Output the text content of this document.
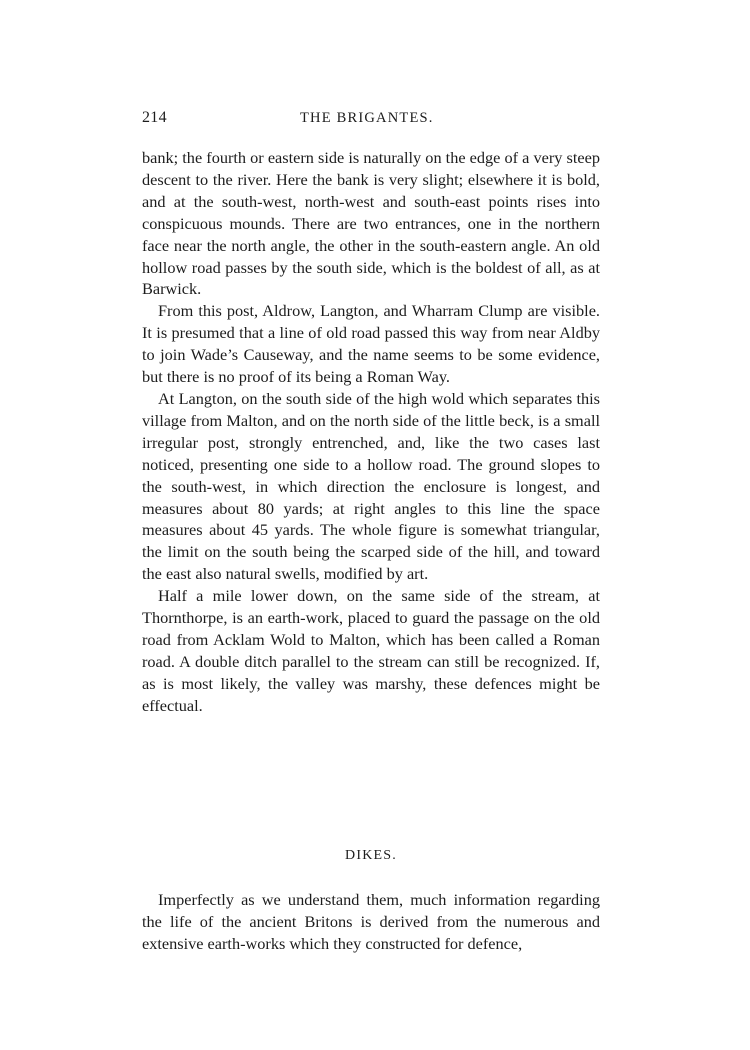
214	THE BRIGANTES.

bank; the fourth or eastern side is naturally on the edge of a very steep descent to the river. Here the bank is very slight; elsewhere it is bold, and at the south-west, north-west and south-east points rises into conspicuous mounds. There are two entrances, one in the northern face near the north angle, the other in the south-eastern angle. An old hollow road passes by the south side, which is the boldest of all, as at Barwick.

From this post, Aldrow, Langton, and Wharram Clump are visible. It is presumed that a line of old road passed this way from near Aldby to join Wade’s Causeway, and the name seems to be some evidence, but there is no proof of its being a Roman Way.

At Langton, on the south side of the high wold which separates this village from Malton, and on the north side of the little beck, is a small irregular post, strongly entrenched, and, like the two cases last noticed, presenting one side to a hollow road. The ground slopes to the south-west, in which direction the enclosure is longest, and measures about 80 yards; at right angles to this line the space measures about 45 yards. The whole figure is somewhat triangular, the limit on the south being the scarped side of the hill, and toward the east also natural swells, modified by art.

Half a mile lower down, on the same side of the stream, at Thornthorpe, is an earth-work, placed to guard the passage on the old road from Acklam Wold to Malton, which has been called a Roman road. A double ditch parallel to the stream can still be recognized. If, as is most likely, the valley was marshy, these defences might be effectual.

DIKES.

Imperfectly as we understand them, much information regarding the life of the ancient Britons is derived from the numerous and extensive earth-works which they constructed for defence,
